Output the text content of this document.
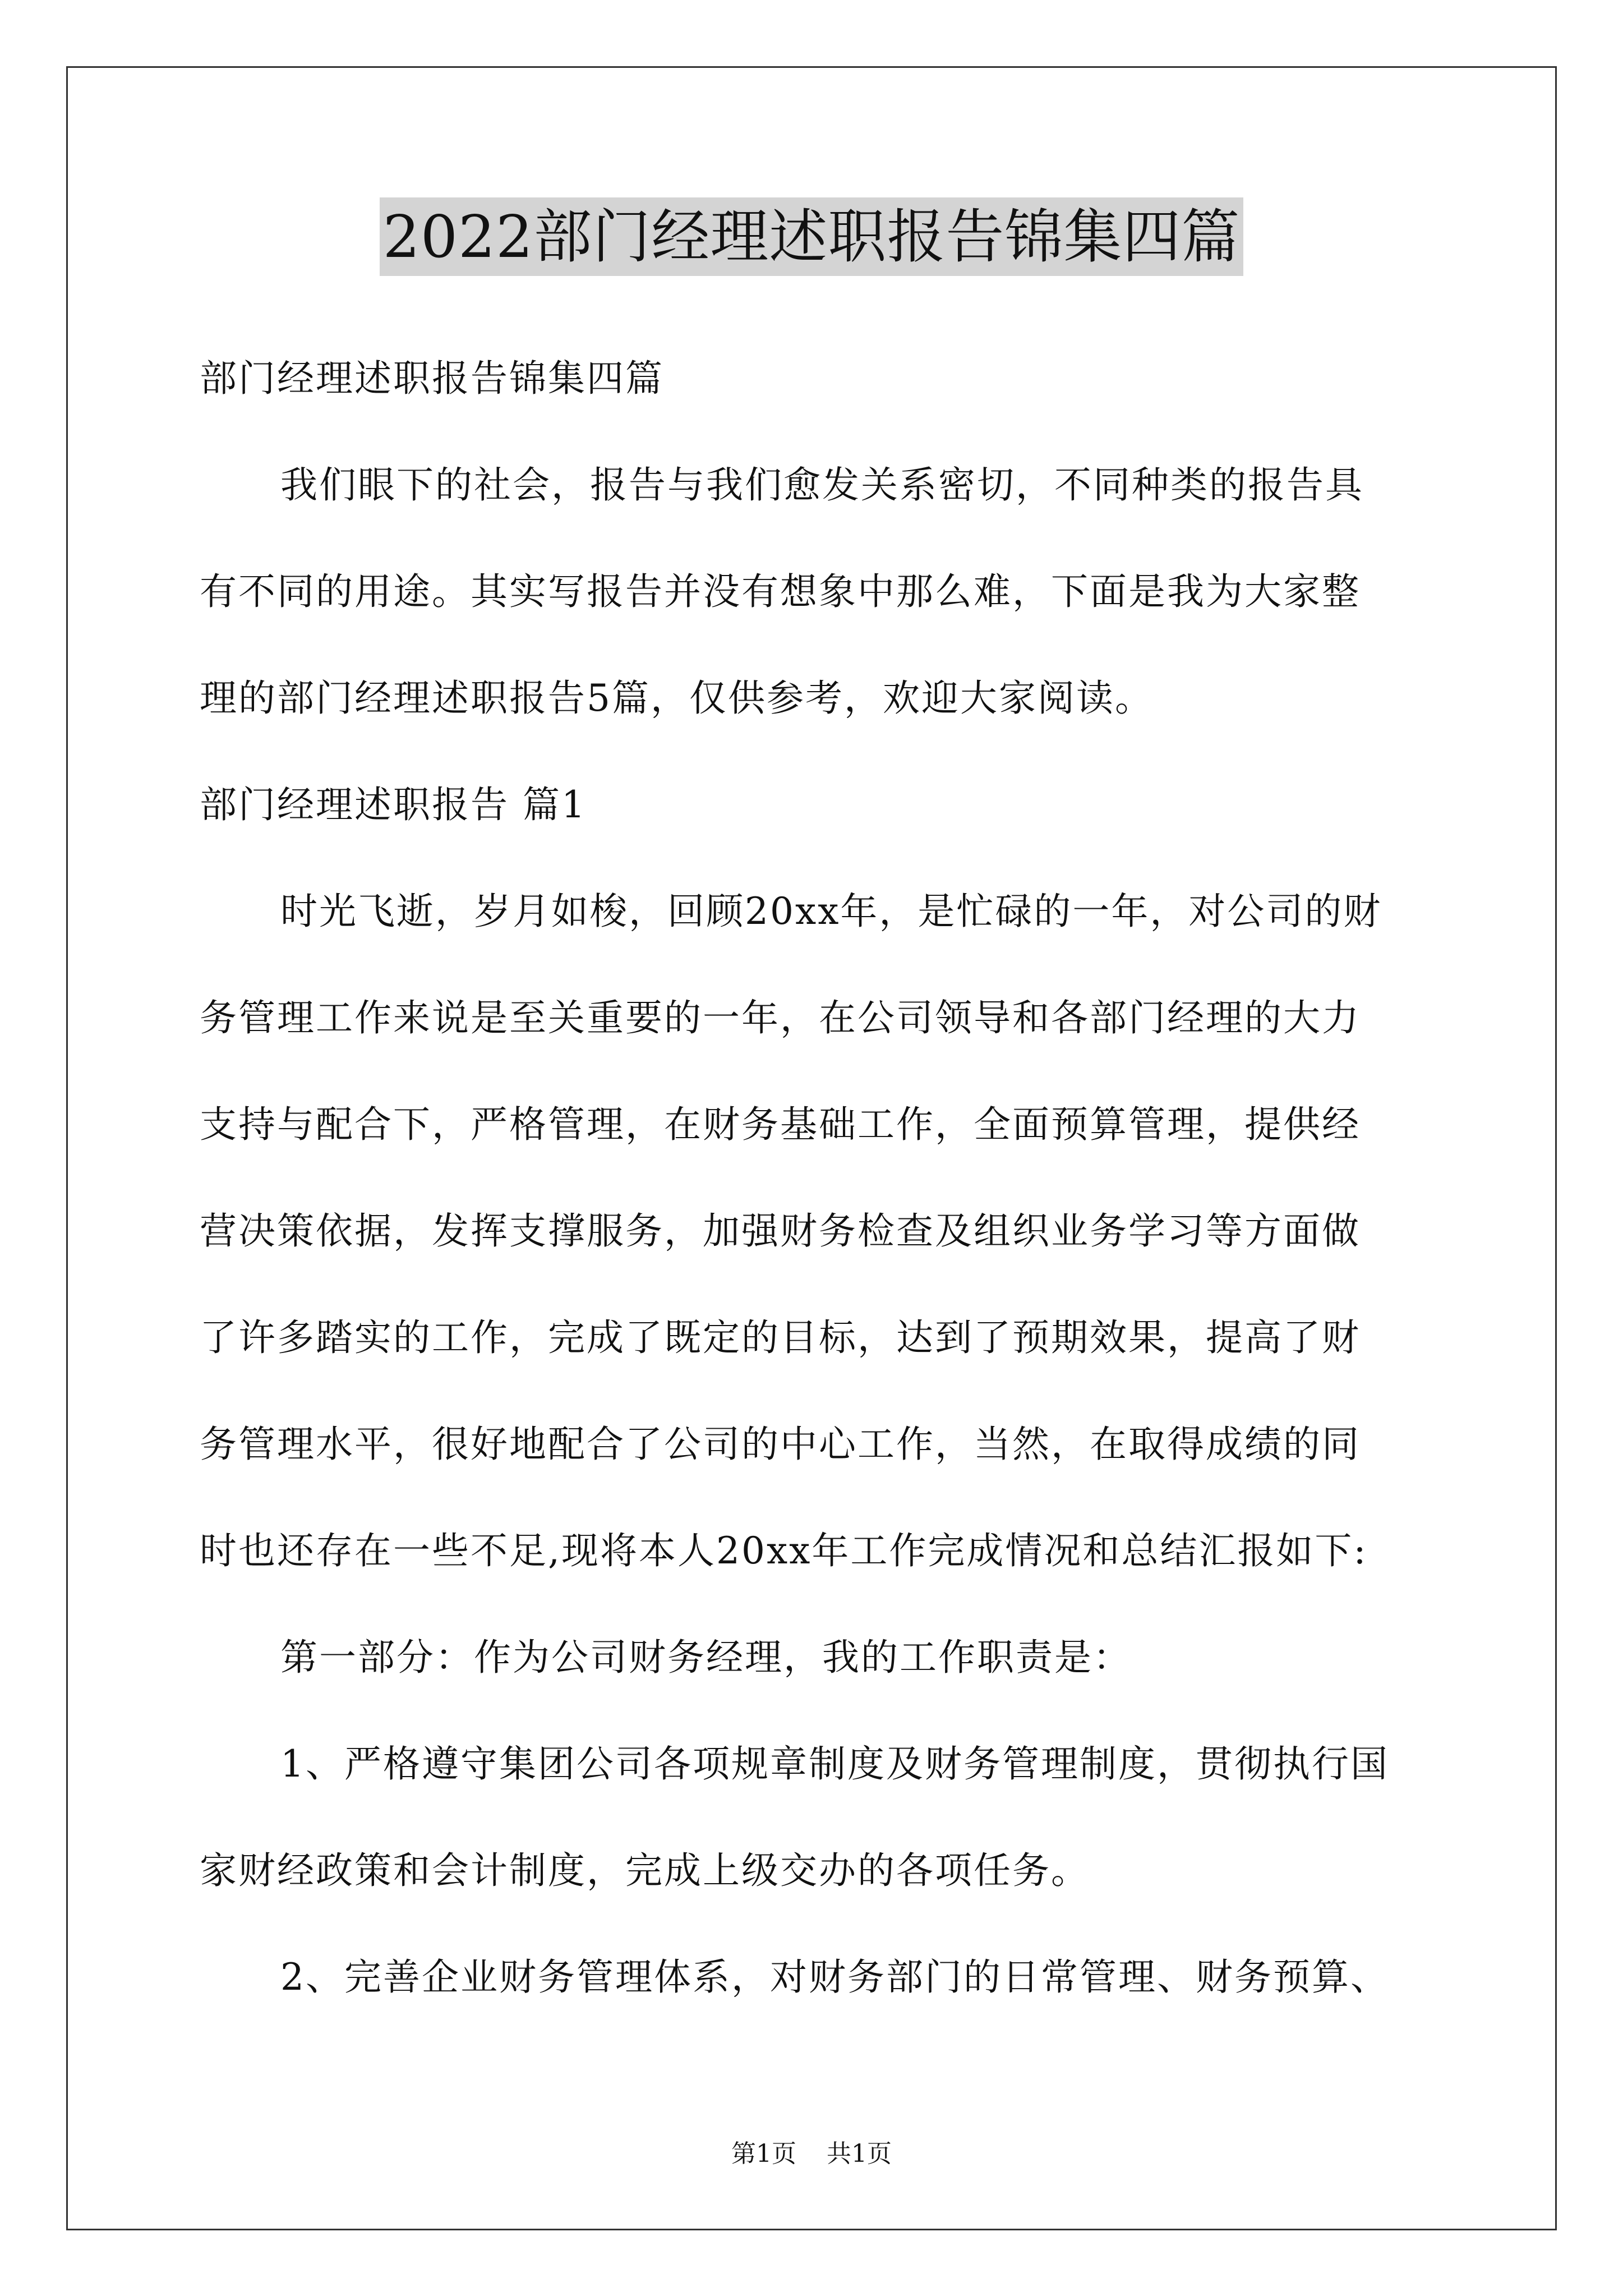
2022部门经理述职报告锦集四篇
部门经理述职报告锦集四篇
我们眼下的社会，报告与我们愈发关系密切，不同种类的报告具
有不同的用途。其实写报告并没有想象中那么难，下面是我为大家整
理的部门经理述职报告5篇，仅供参考，欢迎大家阅读。
部门经理述职报告 篇1
时光飞逝，岁月如梭，回顾20xx年，是忙碌的一年，对公司的财
务管理工作来说是至关重要的一年，在公司领导和各部门经理的大力
支持与配合下，严格管理，在财务基础工作，全面预算管理，提供经
营决策依据，发挥支撑服务，加强财务检查及组织业务学习等方面做
了许多踏实的工作，完成了既定的目标，达到了预期效果，提高了财
务管理水平，很好地配合了公司的中心工作，当然，在取得成绩的同
时也还存在一些不足,现将本人20xx年工作完成情况和总结汇报如下:
第一部分：作为公司财务经理，我的工作职责是：
1、严格遵守集团公司各项规章制度及财务管理制度，贯彻执行国
家财经政策和会计制度，完成上级交办的各项任务。
2、完善企业财务管理体系，对财务部门的日常管理、财务预算、
第1页 共1页
